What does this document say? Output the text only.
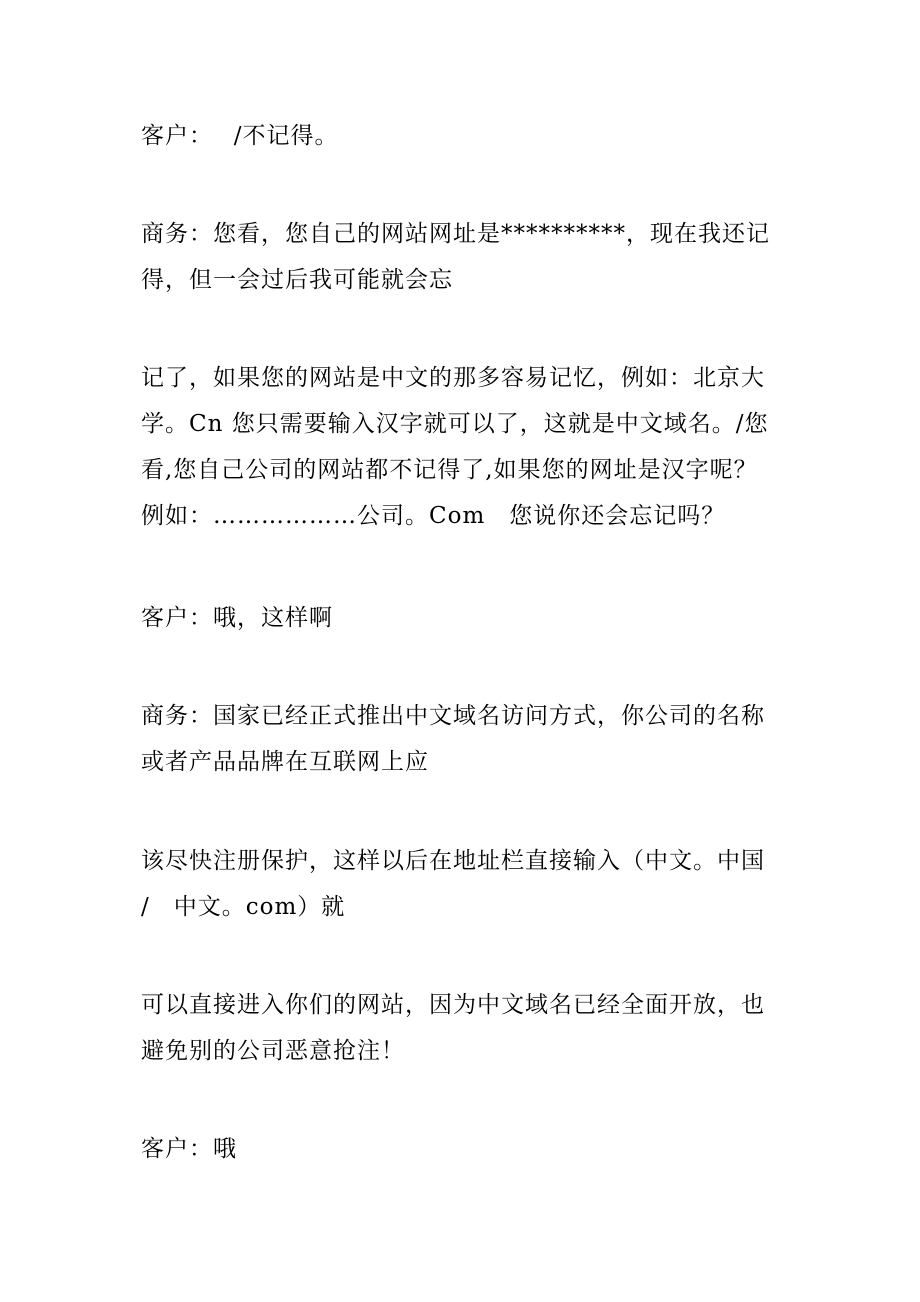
客户：　 /不记得。

商务：您看，您自己的网站网址是**********，现在我还记
得，但一会过后我可能就会忘

记了，如果您的网站是中文的那多容易记忆，例如：北京大
学。Cn 您只需要输入汉字就可以了，这就是中文域名。/您
看,您自己公司的网站都不记得了,如果您的网址是汉字呢？
例如：………………公司。Com　您说你还会忘记吗？

客户：哦，这样啊

商务：国家已经正式推出中文域名访问方式，你公司的名称
或者产品品牌在互联网上应

该尽快注册保护，这样以后在地址栏直接输入（中文。中国
/　中文。com）就

可以直接进入你们的网站，因为中文域名已经全面开放，也
避免别的公司恶意抢注！

客户：哦
